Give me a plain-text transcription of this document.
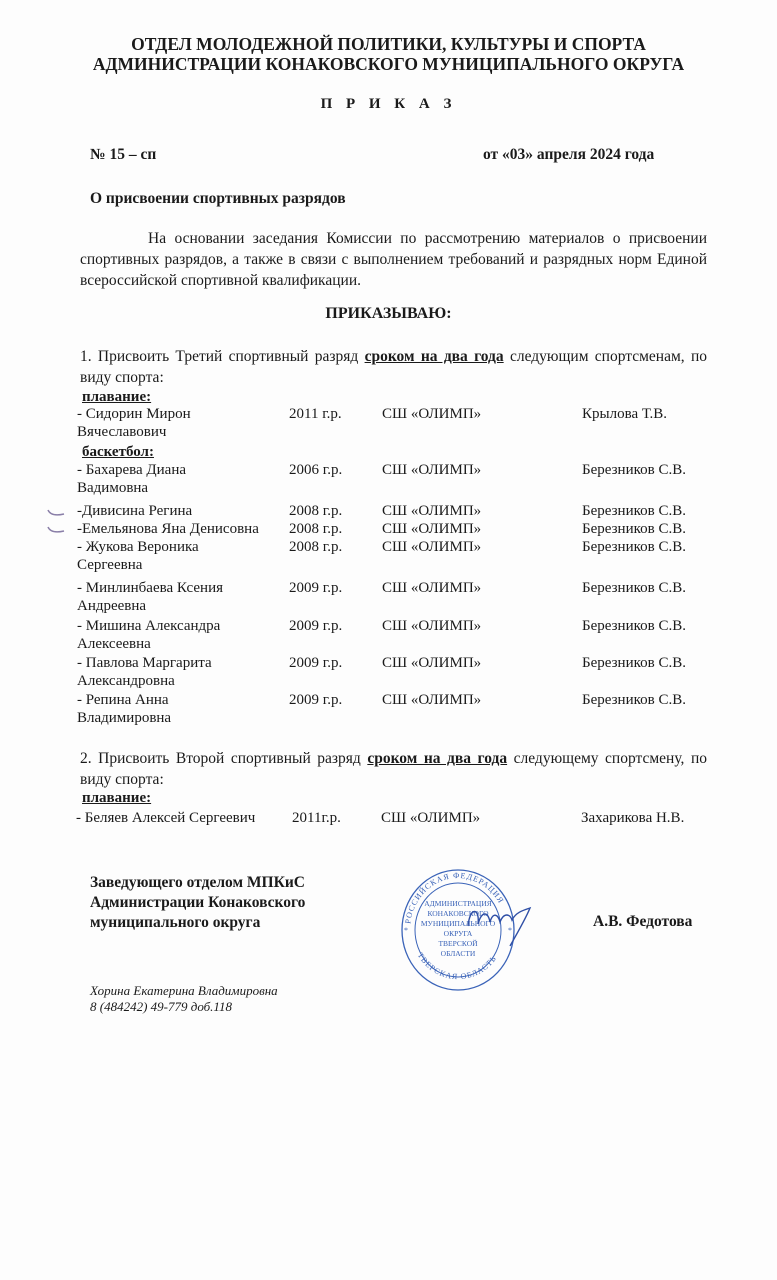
ОТДЕЛ МОЛОДЕЖНОЙ ПОЛИТИКИ, КУЛЬТУРЫ И СПОРТА
АДМИНИСТРАЦИИ КОНАКОВСКОГО МУНИЦИПАЛЬНОГО ОКРУГА
П Р И К А З
№ 15 – сп	от «03» апреля 2024 года
О присвоении спортивных разрядов
На основании заседания Комиссии по рассмотрению материалов о присвоении спортивных разрядов, а также в связи с выполнением требований и разрядных норм Единой всероссийской спортивной квалификации.
ПРИКАЗЫВАЮ:
1. Присвоить Третий спортивный разряд сроком на два года следующим спортсменам, по виду спорта:
плавание:
- Сидорин Мирон	2011 г.р.	СШ «ОЛИМП»	Крылова Т.В.
Вячеславович
баскетбол:
- Бахарева Диана	2006 г.р.	СШ «ОЛИМП»	Березников С.В.
Вадимовна
-Дивисина Регина	2008 г.р.	СШ «ОЛИМП»	Березников С.В.
-Емельянова Яна Денисовна	2008 г.р.	СШ «ОЛИМП»	Березников С.В.
- Жукова Вероника	2008 г.р.	СШ «ОЛИМП»	Березников С.В.
Сергеевна
- Минлинбаева Ксения	2009 г.р.	СШ «ОЛИМП»	Березников С.В.
Андреевна
- Мишина Александра	2009 г.р.	СШ «ОЛИМП»	Березников С.В.
Алексеевна
- Павлова Маргарита	2009 г.р.	СШ «ОЛИМП»	Березников С.В.
Александровна
- Репина Анна	2009 г.р.	СШ «ОЛИМП»	Березников С.В.
Владимировна
2. Присвоить Второй спортивный разряд сроком на два года следующему спортсмену, по виду спорта:
плавание:
- Беляев Алексей Сергеевич	2011г.р.	СШ «ОЛИМП»	Захарикова Н.В.
Заведующего отделом МПКиС
Администрации Конаковского
муниципального округа
АДМИНИСТРАЦИЯ
КОНАКОВСКОГО
МУНИЦИПАЛЬНОГО
ОКРУГА
ТВЕРСКОЙ
ОБЛАСТИ
РОССИЙСКАЯ ФЕДЕРАЦИЯ
ТВЕРСКАЯ ОБЛАСТЬ
*	*
А.В. Федотова
Хорина Екатерина Владимировна
8 (484242) 49-779 доб.118
